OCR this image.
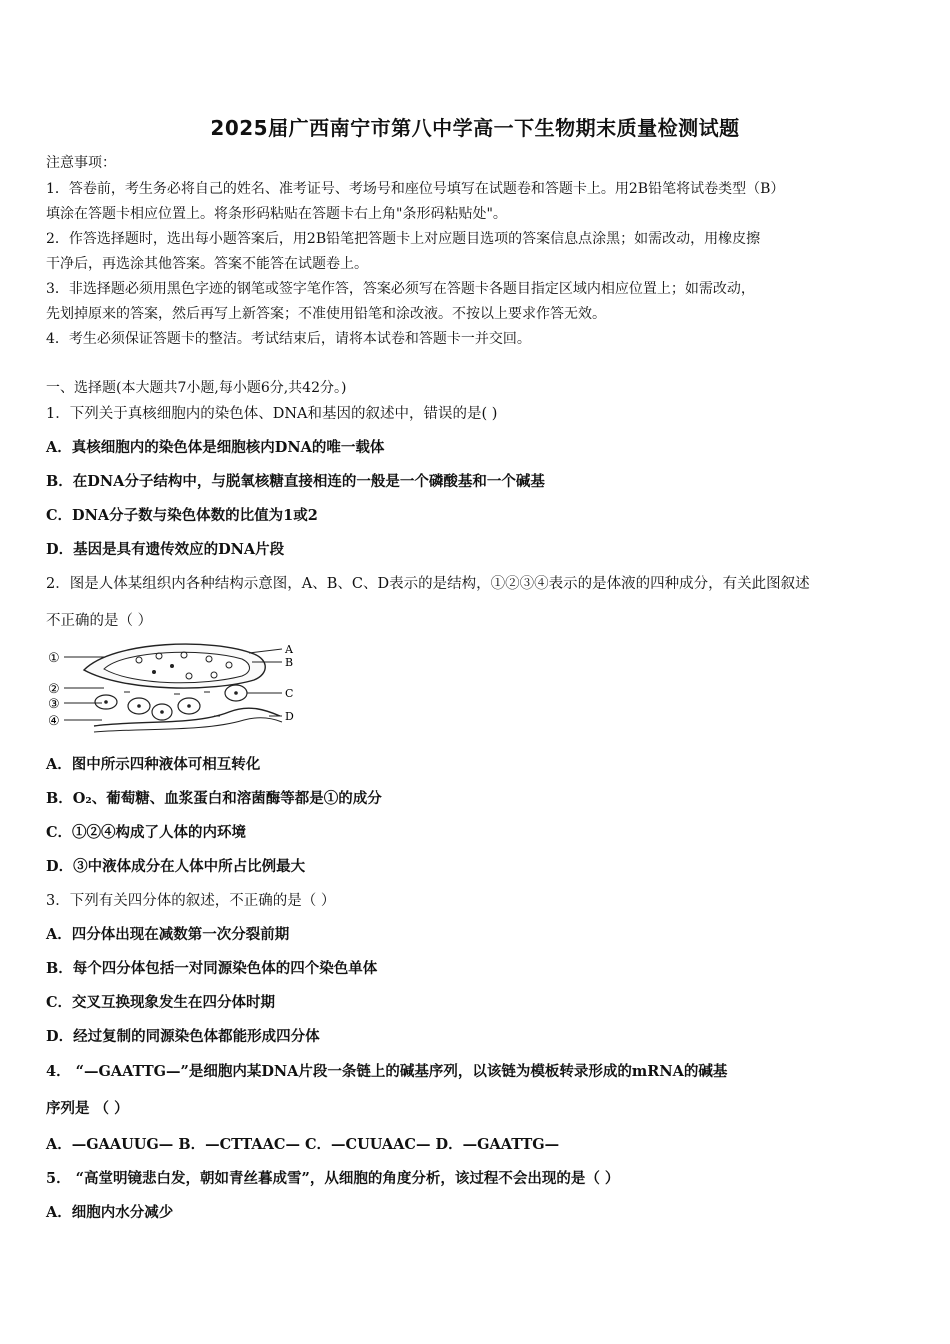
2025届广西南宁市第八中学高一下生物期末质量检测试题
注意事项：
1．答卷前，考生务必将自己的姓名、准考证号、考场号和座位号填写在试题卷和答题卡上。用2B铅笔将试卷类型（B）
填涂在答题卡相应位置上。将条形码粘贴在答题卡右上角"条形码粘贴处"。
2．作答选择题时，选出每小题答案后，用2B铅笔把答题卡上对应题目选项的答案信息点涂黑；如需改动，用橡皮擦
干净后，再选涂其他答案。答案不能答在试题卷上。
3．非选择题必须用黑色字迹的钢笔或签字笔作答，答案必须写在答题卡各题目指定区域内相应位置上；如需改动，
先划掉原来的答案，然后再写上新答案；不准使用铅笔和涂改液。不按以上要求作答无效。
4．考生必须保证答题卡的整洁。考试结束后，请将本试卷和答题卡一并交回。
一、选择题(本大题共7小题,每小题6分,共42分。)
1．下列关于真核细胞内的染色体、DNA和基因的叙述中，错误的是( )
A．真核细胞内的染色体是细胞核内DNA的唯一载体
B．在DNA分子结构中，与脱氧核糖直接相连的一般是一个磷酸基和一个碱基
C．DNA分子数与染色体数的比值为1或2
D．基因是具有遗传效应的DNA片段
2．图是人体某组织内各种结构示意图，A、B、C、D表示的是结构，①②③④表示的是体液的四种成分，有关此图叙述
不正确的是（ ）
①
②
③
④
A
B
C
D
A．图中所示四种液体可相互转化
B．O₂、葡萄糖、血浆蛋白和溶菌酶等都是①的成分
C．①②④构成了人体的内环境
D．③中液体成分在人体中所占比例最大
3．下列有关四分体的叙述，不正确的是（ ）
A．四分体出现在减数第一次分裂前期
B．每个四分体包括一对同源染色体的四个染色单体
C．交叉互换现象发生在四分体时期
D．经过复制的同源染色体都能形成四分体
4． “—GAATTG—”是细胞内某DNA片段一条链上的碱基序列，以该链为模板转录形成的mRNA的碱基
序列是 （ ）
A．—GAAUUG— B．—CTTAAC— C．—CUUAAC— D．—GAATTG—
5． “高堂明镜悲白发，朝如青丝暮成雪”，从细胞的角度分析，该过程不会出现的是（ ）
A．细胞内水分减少
